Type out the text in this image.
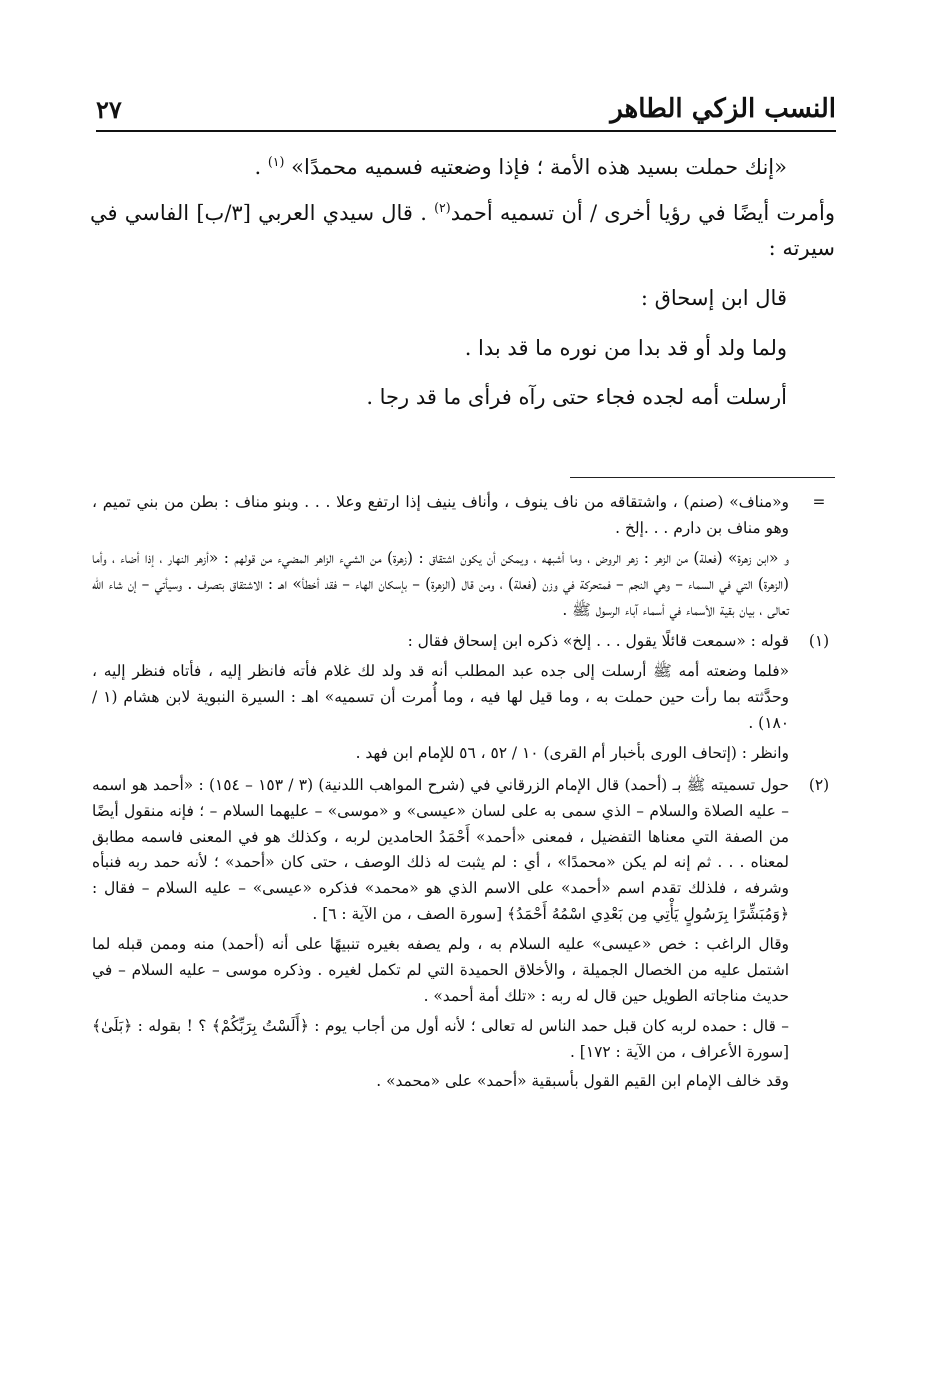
النسب الزكي الطاهر
٢٧

«إنك حملت بسيد هذه الأمة ؛ فإذا وضعتيه فسميه محمدًا» $^{(١)}$ .

وأمرت أيضًا في رؤيا أخرى / أن تسميه أحمد$^{(٢)}$ . قال سيدي العربي [٣/ب] الفاسي في سيرته :

قال ابن إسحاق :

ولما ولد أو قد بدا من نوره ما قد بدا .

أرسلت أمه لجده فجاء حتى رآه فرأى ما قد رجا .

=

و«مناف» (صنم) ، واشتقاقه من ناف ينوف ، وأناف ينيف إذا ارتفع وعلا . . . وبنو مناف : بطن من بني تميم ، وهو مناف بن دارم . . .إلخ .

و «ابن زهرة» (فعلة) من الزهر : زهر الروض ، وما أشبهه ، ويمكن أن يكون اشتقاق : (زهرة) من الشيء الزاهر المضيء من قولهم : «أزهر النهار ، إذا أضاء ، وأما (الزهرة) التي في السماء – وهي النجم – فمتحركة في وزن (فعلة) ، ومن قال (الزهرة) – بإسكان الهاء – فقد أخطأ» اهـ : الاشتقاق بتصرف . وسيأتي – إن شاء الله تعالى ، بيان بقية الأسماء في أسماء آباء الرسول ﷺ .

(١)

قوله : «سمعت قائلًا يقول . . . إلخ» ذكره ابن إسحاق فقال :

«فلما وضعته أمه ﷺ أرسلت إلى جده عبد المطلب أنه قد ولد لك غلام فأته فانظر إليه ، فأتاه فنظر إليه ، وحدَّثته بما رأت حين حملت به ، وما قيل لها فيه ، وما أُمرت أن تسميه» اهـ : السيرة النبوية لابن هشام (١ / ١٨٠) .

وانظر : (إتحاف الورى بأخبار أم القرى) ١٠ / ٥٢ ، ٥٦ للإمام ابن فهد .

(٢)

حول تسميته ﷺ بـ (أحمد) قال الإمام الزرقاني في (شرح المواهب اللدنية) (٣ / ١٥٣ – ١٥٤) : «أحمد هو اسمه – عليه الصلاة والسلام – الذي سمى به على لسان «عيسى» و «موسى» – عليهما السلام – ؛ فإنه منقول أيضًا من الصفة التي معناها التفضيل ، فمعنى «أحمد» أَحْمَدُ الحامدين لربه ، وكذلك هو في المعنى فاسمه مطابق لمعناه . . . ثم إنه لم يكن «محمدًا» ، أي : لم يثبت له ذلك الوصف ، حتى كان «أحمد» ؛ لأنه حمد ربه فنبأه وشرفه ، فلذلك تقدم اسم «أحمد» على الاسم الذي هو «محمد» فذكره «عيسى» – عليه السلام – فقال : ﴿وَمُبَشِّرًا بِرَسُولٍ يَأْتِي مِن بَعْدِي اسْمُهُ أَحْمَدُ﴾ [سورة الصف ، من الآية : ٦] .

وقال الراغب : خص «عيسى» عليه السلام به ، ولم يصفه بغيره تنبيهًا على أنه (أحمد) منه وممن قبله لما اشتمل عليه من الخصال الجميلة ، والأخلاق الحميدة التي لم تكمل لغيره . وذكره موسى – عليه السلام – في حديث مناجاته الطويل حين قال له ربه : «تلك أمة أحمد» .

– قال : حمده لربه كان قبل حمد الناس له تعالى ؛ لأنه أول من أجاب يوم : ﴿أَلَسْتُ بِرَبِّكُمْ﴾ ؟ ! بقوله : ﴿بَلَىٰ﴾ [سورة الأعراف ، من الآية : ١٧٢] .

وقد خالف الإمام ابن القيم القول بأسبقية «أحمد» على «محمد» .
